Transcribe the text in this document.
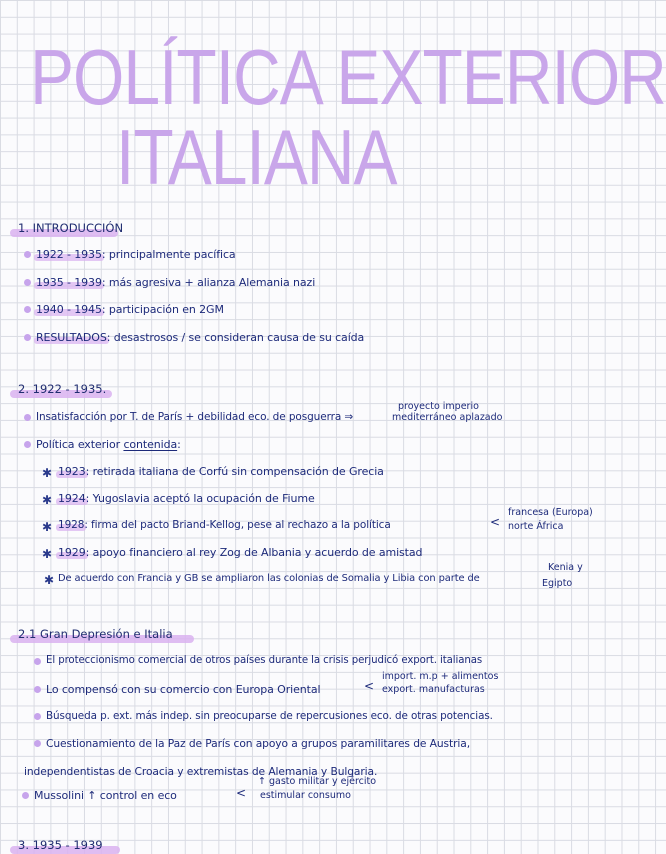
POLÍTICA EXTERIOR
ITALIANA
1. INTRODUCCIÓN
1922 - 1935: principalmente pacífica
1935 - 1939: más agresiva + alianza Alemania nazi
1940 - 1945: participación en 2GM
RESULTADOS: desastrosos / se consideran causa de su caída
2. 1922 - 1935.
Insatisfacción por T. de París + debilidad eco. de posguerra ⇒
proyecto imperio
mediterráneo aplazado
Política exterior contenida:
✱ 1923: retirada italiana de Corfú sin compensación de Grecia
✱ 1924: Yugoslavia aceptó la ocupación de Fiume
✱ 1928: firma del pacto Briand-Kellog, pese al rechazo a la política	<
francesa (Europa)
norte África
✱ 1929: apoyo financiero al rey Zog de Albania y acuerdo de amistad
✱ De acuerdo con Francia y GB se ampliaron las colonias de Somalia y Libia con parte de
Kenia y
Egipto
2.1 Gran Depresión e Italia
El proteccionismo comercial de otros países durante la crisis perjudicó export. italianas
Lo compensó con su comercio con Europa Oriental	<
import. m.p + alimentos
export. manufacturas
Búsqueda p. ext. más indep. sin preocuparse de repercusiones eco. de otras potencias.
Cuestionamiento de la Paz de París con apoyo a grupos paramilitares de Austria,
independentistas de Croacia y extremistas de Alemania y Bulgaria.
Mussolini ↑ control en eco	<
↑ gasto militar y ejército
estimular consumo
3. 1935 - 1939
